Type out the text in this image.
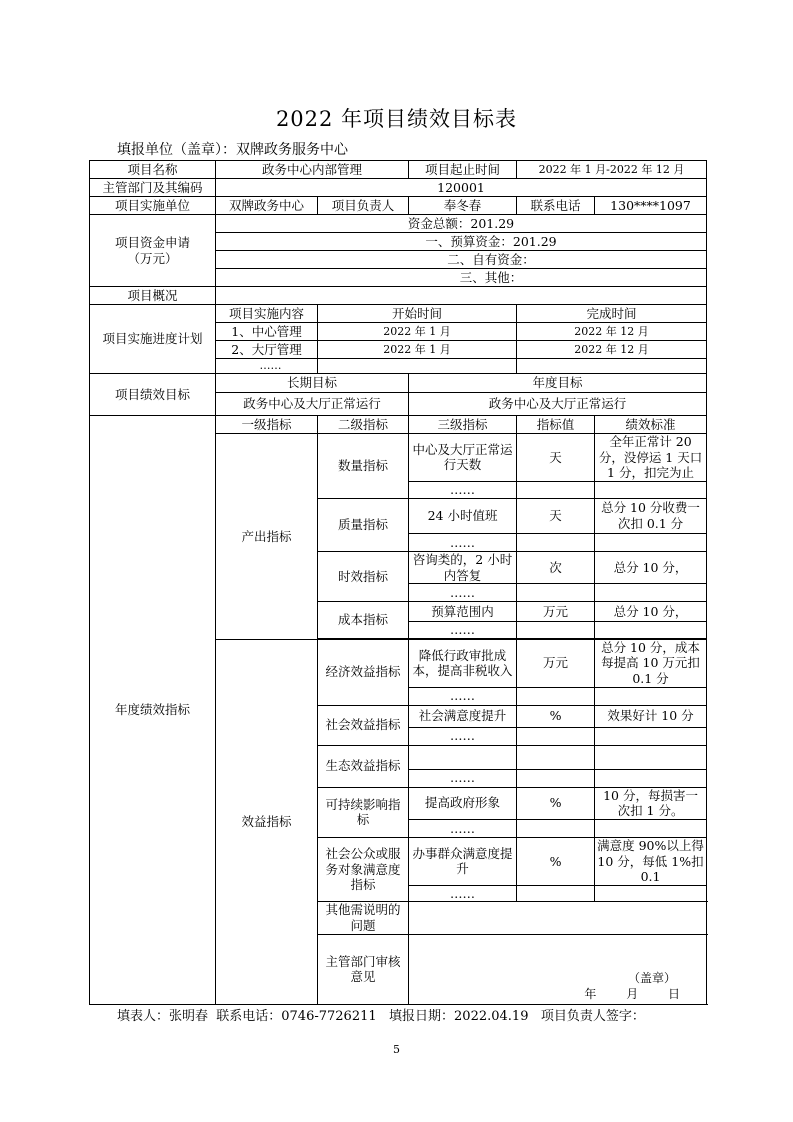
2022 年项目绩效目标表
填报单位（盖章）：双牌政务服务中心
项目名称	政务中心内部管理		项目起止时间	2022 年 1 月-2022 年 12 月	
主管部门及其编码	120001				
项目实施单位	双牌政务中心	项目负责人	奉冬春	联系电话	130****1097

项目资金申请
（万元）	资金总额：201.29				
	一、预算资金：201.29				
	二、自有资金：				
	三、其他：				
项目概况					
项目实施进度计划	项目实施内容	开始时间		完成时间	
	1、中心管理	2022 年 1 月		2022 年 12 月	
	2、大厅管理	2022 年 1 月		2022 年 12 月	
	……				
项目绩效目标	长期目标		年度目标		
	政务中心及大厅正常运行		政务中心及大厅正常运行		
年度绩效指标	一级指标	二级指标	三级指标	指标值	绩效标准
	产出指标	数量指标	中心及大厅正常运行天数	天	全年正常计 20 分，没停运 1 天口 1 分，扣完为止
			……		
		质量指标	24 小时值班	天	总分 10 分收费一次扣 0.1 分
			……		
		时效指标	咨询类的，2 小时内答复	次	总分 10 分，
			……		
		成本指标	预算范围内	万元	总分 10 分，
			……		

	效益指标	经济效益指标	降低行政审批成本，提高非税收入	万元	总分 10 分，成本每提高 10 万元扣 0.1 分
			……		
		社会效益指标	社会满意度提升	%	效果好计 10 分
			……		
		生态效益指标			
			……		
		可持续影响指标	提高政府形象	%	10 分，每损害一次扣 1 分。
			……		
		社会公众或服务对象满意度指标	办事群众满意度提升	%	满意度 90%以上得 10 分，每低 1%扣 0.1
			……		
		其他需说明的问题			
		主管部门审核意见	（盖章）
年 月 日		
填表人：张明春  联系电话：0746-7726211   填报日期：2022.04.19   项目负责人签字：
5
